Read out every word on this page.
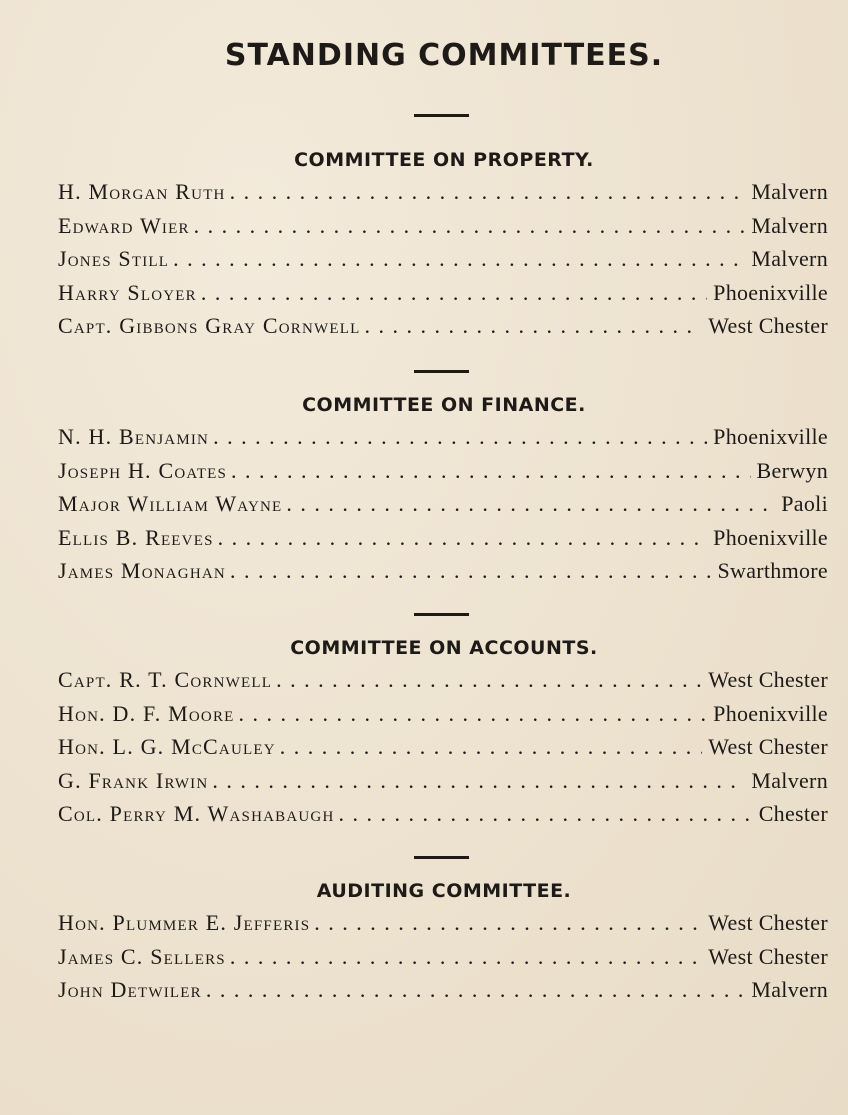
STANDING COMMITTEES.
COMMITTEE ON PROPERTY.
H. Morgan Ruth . . .	Malvern
Edward Wier . . .	Malvern
Jones Still . . .	Malvern
Harry Sloyer . . .	Phoenixville
Capt. Gibbons Gray Cornwell . . .	West Chester
COMMITTEE ON FINANCE.
N. H. Benjamin . . .	Phoenixville
Joseph H. Coates . . .	Berwyn
Major William Wayne . . .	Paoli
Ellis B. Reeves . . .	Phoenixville
James Monaghan . . .	Swarthmore
COMMITTEE ON ACCOUNTS.
Capt. R. T. Cornwell . . .	West Chester
Hon. D. F. Moore . . .	Phoenixville
Hon. L. G. McCauley . . .	West Chester
G. Frank Irwin . . .	Malvern
Col. Perry M. Washabaugh . . .	Chester
AUDITING COMMITTEE.
Hon. Plummer E. Jefferis . . .	West Chester
James C. Sellers . . .	West Chester
John Detwiler . . .	Malvern
